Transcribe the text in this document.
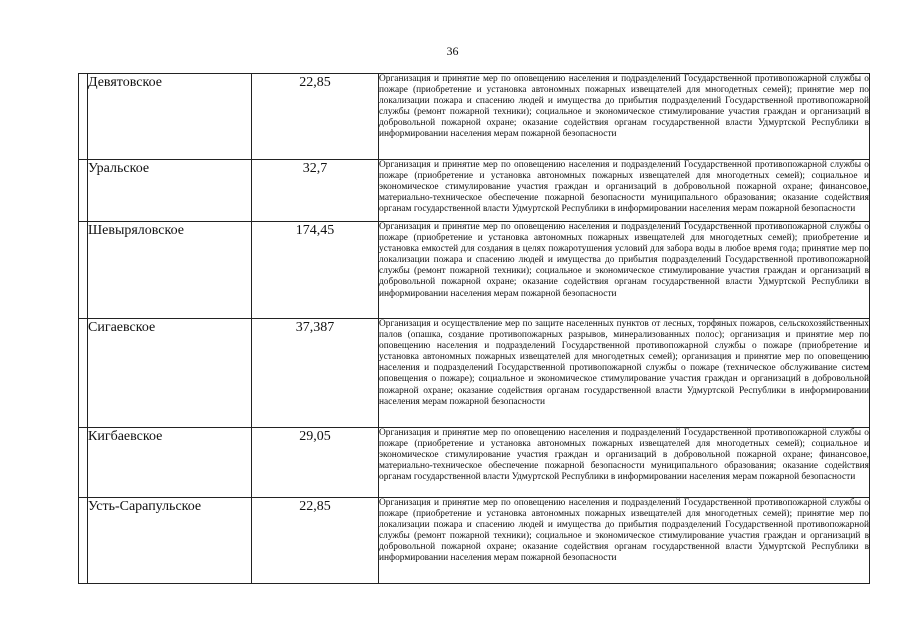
36
	Девятовское	22,85	Организация и принятие мер по оповещению населения и подразделений Государственной противопожарной службы о пожаре (приобретение и установка автономных пожарных извещателей для многодетных семей); принятие мер по локализации пожара и спасению людей и имущества до прибытия подразделений Государственной противопожарной службы (ремонт пожарной техники); социальное и экономическое стимулирование участия граждан и организаций в добровольной пожарной охране; оказание содействия органам государственной власти Удмуртской Республики в информировании населения мерам пожарной безопасности
	Уральское	32,7	Организация и принятие мер по оповещению населения и подразделений Государственной противопожарной службы о пожаре (приобретение и установка автономных пожарных извещателей для многодетных семей); социальное и экономическое стимулирование участия граждан и организаций в добровольной пожарной охране; финансовое, материально-техническое обеспечение пожарной безопасности муниципального образования; оказание содействия органам государственной власти Удмуртской Республики в информировании населения мерам пожарной безопасности
	Шевыряловское	174,45	Организация и принятие мер по оповещению населения и подразделений Государственной противопожарной службы о пожаре (приобретение и установка автономных пожарных извещателей для многодетных семей); приобретение и установка емкостей для создания в целях пожаротушения условий для забора воды в любое время года; принятие мер по локализации пожара и спасению людей и имущества до прибытия подразделений Государственной противопожарной службы (ремонт пожарной техники); социальное и экономическое стимулирование участия граждан и организаций в добровольной пожарной охране; оказание содействия органам государственной власти Удмуртской Республики в информировании населения мерам пожарной безопасности
	Сигаевское	37,387	Организация и осуществление мер по защите населенных пунктов от лесных, торфяных пожаров, сельскохозяйственных палов (опашка, создание противопожарных разрывов, минерализованных полос); организация и принятие мер по оповещению населения и подразделений Государственной противопожарной службы о пожаре (приобретение и установка автономных пожарных извещателей для многодетных семей); организация и принятие мер по оповещению населения и подразделений Государственной противопожарной службы о пожаре (техническое обслуживание систем оповещения о пожаре); социальное и экономическое стимулирование участия граждан и организаций в добровольной пожарной охране; оказание содействия органам государственной власти Удмуртской Республики в информировании населения мерам пожарной безопасности
	Кигбаевское	29,05	Организация и принятие мер по оповещению населения и подразделений Государственной противопожарной службы о пожаре (приобретение и установка автономных пожарных извещателей для многодетных семей); социальное и экономическое стимулирование участия граждан и организаций в добровольной пожарной охране; финансовое, материально-техническое обеспечение пожарной безопасности муниципального образования; оказание содействия органам государственной власти Удмуртской Республики в информировании населения мерам пожарной безопасности
	Усть-Сарапульское	22,85	Организация и принятие мер по оповещению населения и подразделений Государственной противопожарной службы о пожаре (приобретение и установка автономных пожарных извещателей для многодетных семей); принятие мер по локализации пожара и спасению людей и имущества до прибытия подразделений Государственной противопожарной службы (ремонт пожарной техники); социальное и экономическое стимулирование участия граждан и организаций в добровольной пожарной охране; оказание содействия органам государственной власти Удмуртской Республики в информировании населения мерам пожарной безопасности
